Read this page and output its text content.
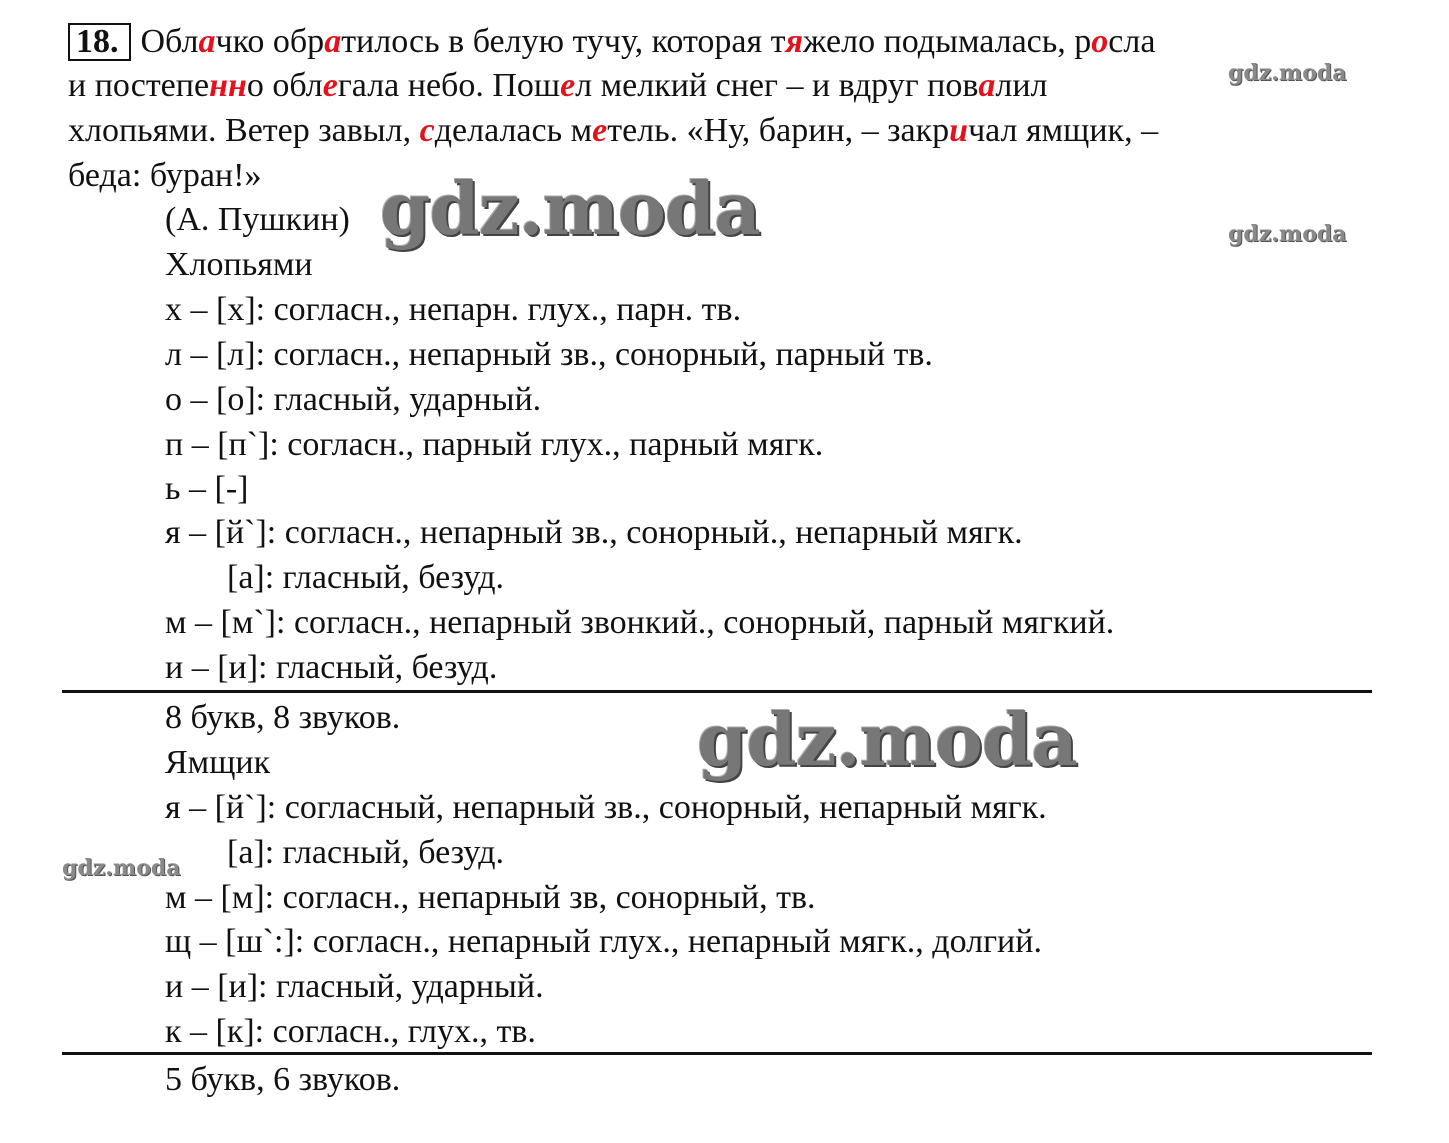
18. Облачко обратилось в белую тучу, которая тяжело подымалась, росла
и постепенно облегала небо. Пошел мелкий снег – и вдруг повалил
хлопьями. Ветер завыл, сделалась метель. «Ну, барин, – закричал ямщик, –
беда: буран!»
(А. Пушкин)
Хлопьями
х – [х]: согласн., непарн. глух., парн. тв.
л – [л]: согласн., непарный зв., сонорный, парный тв.
о – [о]: гласный, ударный.
п – [п`]: согласн., парный глух., парный мягк.
ь – [-]
я – [й`]: согласн., непарный зв., сонорный., непарный мягк.
[а]: гласный, безуд.
м – [м`]: согласн., непарный звонкий., сонорный, парный мягкий.
и – [и]: гласный, безуд.
8 букв, 8 звуков.
Ямщик
я – [й`]: согласный, непарный зв., сонорный, непарный мягк.
[а]: гласный, безуд.
м – [м]: согласн., непарный зв, сонорный, тв.
щ – [ш`:]: согласн., непарный глух., непарный мягк., долгий.
и – [и]: гласный, ударный.
к – [к]: согласн., глух., тв.
5 букв, 6 звуков.
gdz.moda
gdz.moda
gdz.moda
gdz.moda
gdz.moda
